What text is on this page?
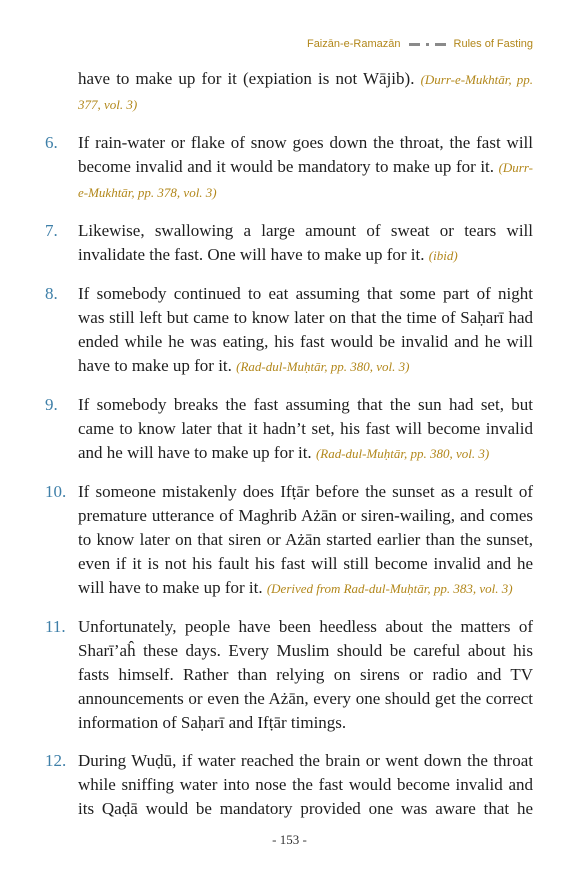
Faizān-e-Ramazān	Rules of Fasting
have to make up for it (expiation is not Wājib). (Durr-e-Mukhtār, pp. 377, vol. 3)
6.	If rain-water or flake of snow goes down the throat, the fast will become invalid and it would be mandatory to make up for it. (Durr-e-Mukhtār, pp. 378, vol. 3)
7.	Likewise, swallowing a large amount of sweat or tears will invalidate the fast. One will have to make up for it. (ibid)
8.	If somebody continued to eat assuming that some part of night was still left but came to know later on that the time of Saḥarī had ended while he was eating, his fast would be invalid and he will have to make up for it. (Rad-dul-Muḥtār, pp. 380, vol. 3)
9.	If somebody breaks the fast assuming that the sun had set, but came to know later that it hadn’t set, his fast will become invalid and he will have to make up for it. (Rad-dul-Muḥtār, pp. 380, vol. 3)
10. If someone mistakenly does Ifṭār before the sunset as a result of premature utterance of Maghrib Ażān or siren-wailing, and comes to know later on that siren or Ażān started earlier than the sunset, even if it is not his fault his fast will still become invalid and he will have to make up for it. (Derived from Rad-dul-Muḥtār, pp. 383, vol. 3)
11. Unfortunately, people have been heedless about the matters of Sharī’aĥ these days. Every Muslim should be careful about his fasts himself. Rather than relying on sirens or radio and TV announcements or even the Ażān, every one should get the correct information of Saḥarī and Ifṭār timings.
12. During Wuḍū, if water reached the brain or went down the throat while sniffing water into nose the fast would become invalid and its Qaḍā would be mandatory provided one was aware that he
- 153 -
